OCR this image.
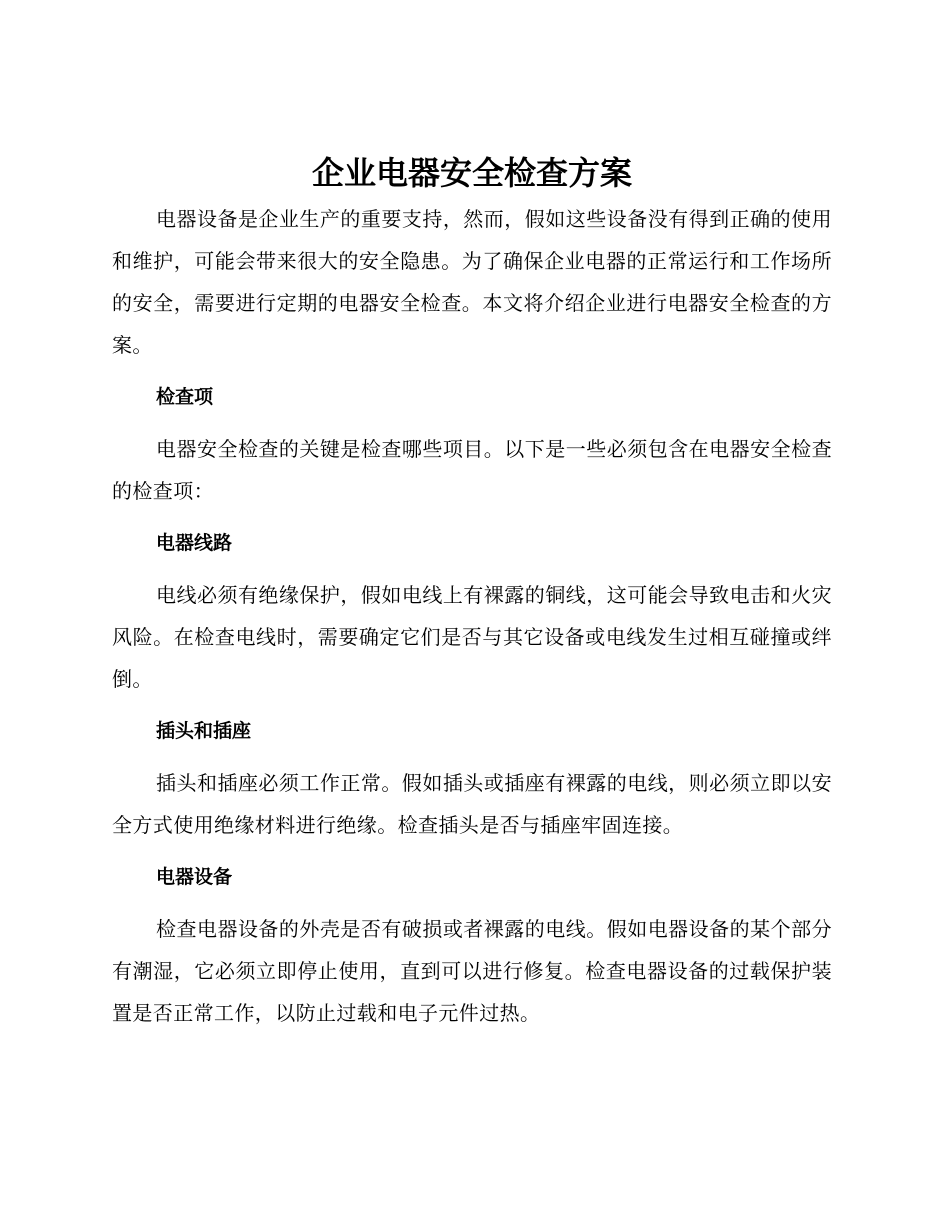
企业电器安全检查方案

电器设备是企业生产的重要支持，然而，假如这些设备没有得到正确的使用和维护，可能会带来很大的安全隐患。为了确保企业电器的正常运行和工作场所的安全，需要进行定期的电器安全检查。本文将介绍企业进行电器安全检查的方案。

检查项

电器安全检查的关键是检查哪些项目。以下是一些必须包含在电器安全检查的检查项：

电器线路

电线必须有绝缘保护，假如电线上有裸露的铜线，这可能会导致电击和火灾风险。在检查电线时，需要确定它们是否与其它设备或电线发生过相互碰撞或绊倒。

插头和插座

插头和插座必须工作正常。假如插头或插座有裸露的电线，则必须立即以安全方式使用绝缘材料进行绝缘。检查插头是否与插座牢固连接。

电器设备

检查电器设备的外壳是否有破损或者裸露的电线。假如电器设备的某个部分有潮湿，它必须立即停止使用，直到可以进行修复。检查电器设备的过载保护装置是否正常工作，以防止过载和电子元件过热。
